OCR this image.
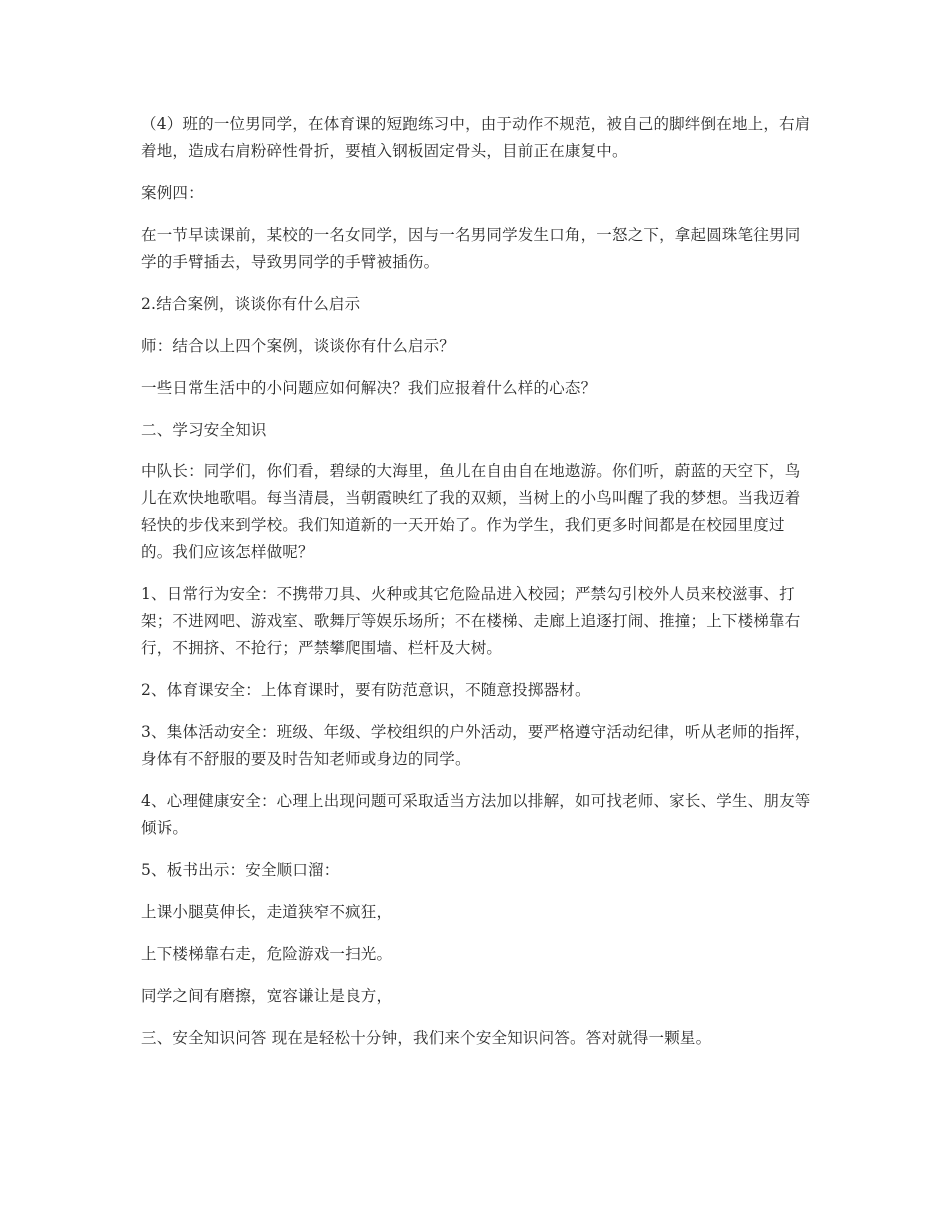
（4）班的一位男同学，在体育课的短跑练习中，由于动作不规范，被自己的脚绊倒在地上，右肩着地，造成右肩粉碎性骨折，要植入钢板固定骨头，目前正在康复中。

案例四：

在一节早读课前，某校的一名女同学，因与一名男同学发生口角，一怒之下，拿起圆珠笔往男同学的手臂插去，导致男同学的手臂被插伤。

2.结合案例，谈谈你有什么启示

师：结合以上四个案例，谈谈你有什么启示？

一些日常生活中的小问题应如何解决？我们应报着什么样的心态？

二、学习安全知识

中队长：同学们，你们看，碧绿的大海里，鱼儿在自由自在地遨游。你们听，蔚蓝的天空下，鸟儿在欢快地歌唱。每当清晨，当朝霞映红了我的双颊，当树上的小鸟叫醒了我的梦想。当我迈着轻快的步伐来到学校。我们知道新的一天开始了。作为学生，我们更多时间都是在校园里度过的。我们应该怎样做呢？

1、日常行为安全：不携带刀具、火种或其它危险品进入校园；严禁勾引校外人员来校滋事、打架；不进网吧、游戏室、歌舞厅等娱乐场所；不在楼梯、走廊上追逐打闹、推撞；上下楼梯靠右行，不拥挤、不抢行；严禁攀爬围墙、栏杆及大树。

2、体育课安全：上体育课时，要有防范意识，不随意投掷器材。

3、集体活动安全：班级、年级、学校组织的户外活动，要严格遵守活动纪律，听从老师的指挥，身体有不舒服的要及时告知老师或身边的同学。

4、心理健康安全：心理上出现问题可采取适当方法加以排解，如可找老师、家长、学生、朋友等倾诉。

5、板书出示：安全顺口溜：

上课小腿莫伸长，走道狭窄不疯狂，

上下楼梯靠右走，危险游戏一扫光。

同学之间有磨擦，宽容谦让是良方，

三、安全知识问答 现在是轻松十分钟，我们来个安全知识问答。答对就得一颗星。
